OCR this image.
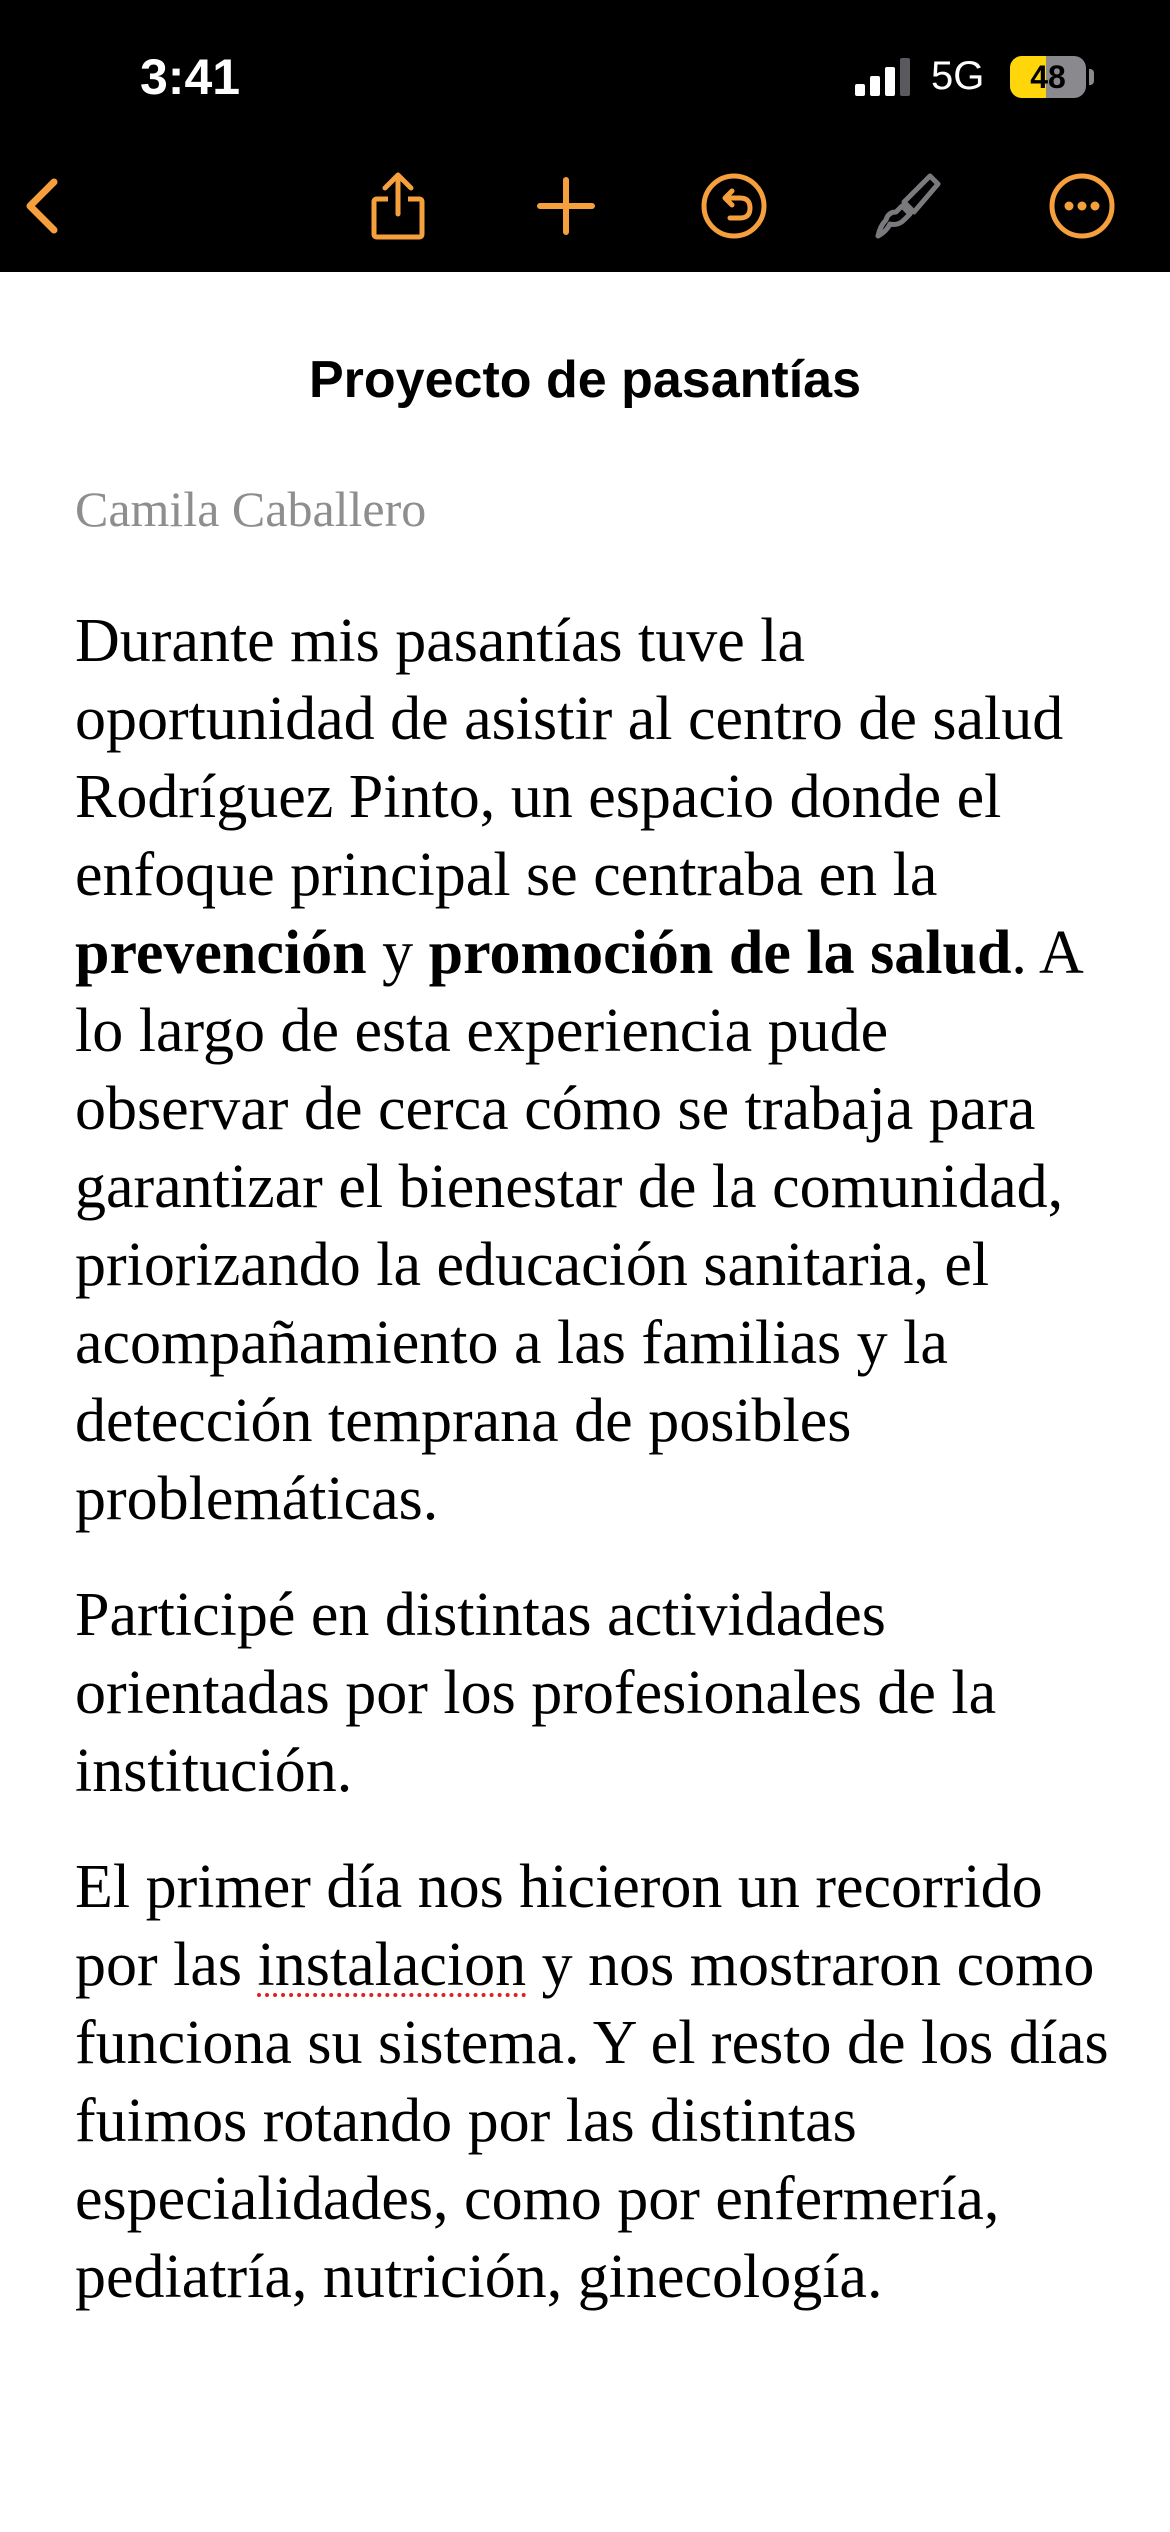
3:41	5G	48
Proyecto de pasantías

Camila Caballero

Durante mis pasantías tuve la oportunidad de asistir al centro de salud Rodríguez Pinto, un espacio donde el enfoque principal se centraba en la prevención y promoción de la salud. A lo largo de esta experiencia pude observar de cerca cómo se trabaja para garantizar el bienestar de la comunidad, priorizando la educación sanitaria, el acompañamiento a las familias y la detección temprana de posibles problemáticas.

Participé en distintas actividades orientadas por los profesionales de la institución.

El primer día nos hicieron un recorrido por las instalacion y nos mostraron como funciona su sistema. Y el resto de los días fuimos rotando por las distintas especialidades, como por enfermería, pediatría, nutrición, ginecología.
